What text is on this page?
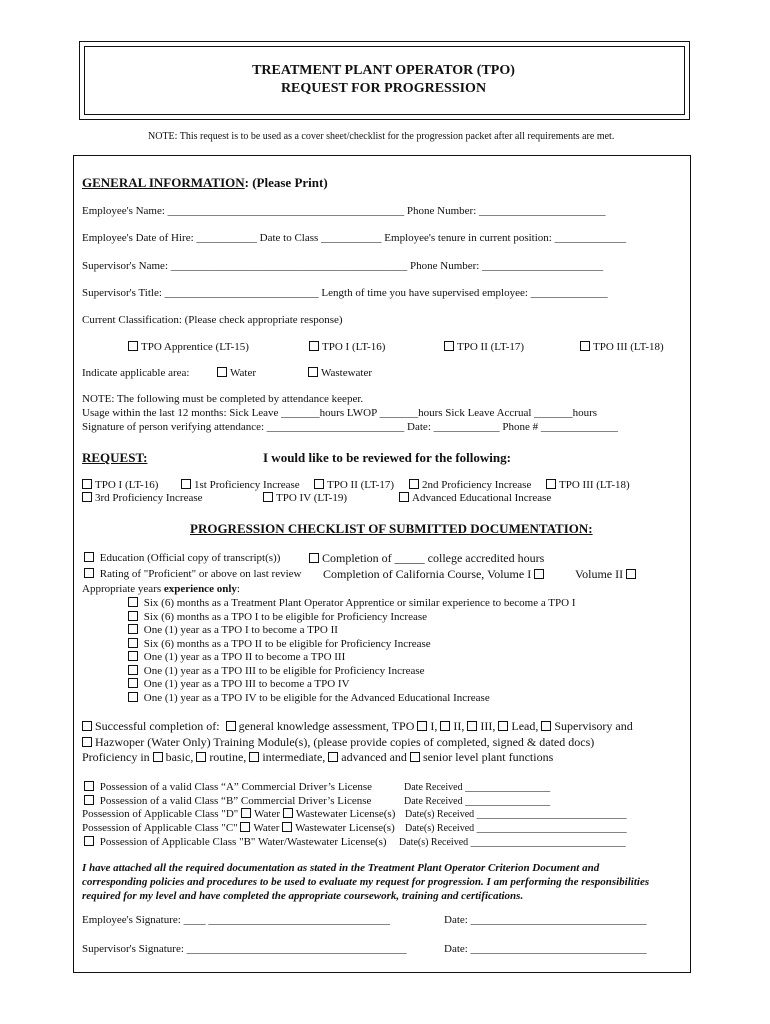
TREATMENT PLANT OPERATOR (TPO)
REQUEST FOR PROGRESSION
NOTE: This request is to be used as a cover sheet/checklist for the progression packet after all requirements are met.
GENERAL INFORMATION: (Please Print)
Employee's Name: ___________________________________________ Phone Number: _______________________
Employee's Date of Hire: ___________ Date to Class ___________ Employee's tenure in current position: _____________
Supervisor's Name: ___________________________________________ Phone Number: ______________________
Supervisor's Title: ____________________________ Length of time you have supervised employee: ______________
Current Classification: (Please check appropriate response)
TPO Apprentice (LT-15)	TPO I (LT-16)	TPO II (LT-17)	TPO III (LT-18)
Indicate applicable area:	Water	Wastewater
NOTE: The following must be completed by attendance keeper.
Usage within the last 12 months: Sick Leave _______hours LWOP _______hours Sick Leave Accrual _______hours
Signature of person verifying attendance: _________________________ Date: ____________ Phone # ______________
REQUEST:	I would like to be reviewed for the following:
TPO I (LT-16)	1st Proficiency Increase	TPO II (LT-17)	2nd Proficiency Increase	TPO III (LT-18)
3rd Proficiency Increase	TPO IV (LT-19)	Advanced Educational Increase
PROGRESSION CHECKLIST OF SUBMITTED DOCUMENTATION:
Education (Official copy of transcript(s))	Completion of _____ college accredited hours
Rating of "Proficient" or above on last review Completion of California Course, Volume I	Volume II
Appropriate years experience only:
Six (6) months as a Treatment Plant Operator Apprentice or similar experience to become a TPO I
Six (6) months as a TPO I to be eligible for Proficiency Increase
One (1) year as a TPO I to become a TPO II
Six (6) months as a TPO II to be eligible for Proficiency Increase
One (1) year as a TPO II to become a TPO III
One (1) year as a TPO III to be eligible for Proficiency Increase
One (1) year as a TPO III to become a TPO IV
One (1) year as a TPO IV to be eligible for the Advanced Educational Increase
Successful completion of: general knowledge assessment, TPO I, II, III, Lead, Supervisory and
Hazwoper (Water Only) Training Module(s), (please provide copies of completed, signed & dated docs)
Proficiency in basic, routine, intermediate, advanced and senior level plant functions
Possession of a valid Class “A” Commercial Driver’s License	Date Received _________________
Possession of a valid Class “B” Commercial Driver’s License	Date Received _________________
Possession of Applicable Class "D" Water Wastewater License(s) Date(s) Received ______________________________
Possession of Applicable Class "C" Water Wastewater License(s) Date(s) Received ______________________________
Possession of Applicable Class "B" Water/Wastewater License(s) Date(s) Received _______________________________
I have attached all the required documentation as stated in the Treatment Plant Operator Criterion Document and
corresponding policies and procedures to be used to evaluate my request for progression. I am performing the responsibilities
required for my level and have completed the appropriate coursework, training and certifications.
Employee's Signature: ____ _________________________________	Date: ________________________________
Supervisor's Signature: ________________________________________	Date: ________________________________
